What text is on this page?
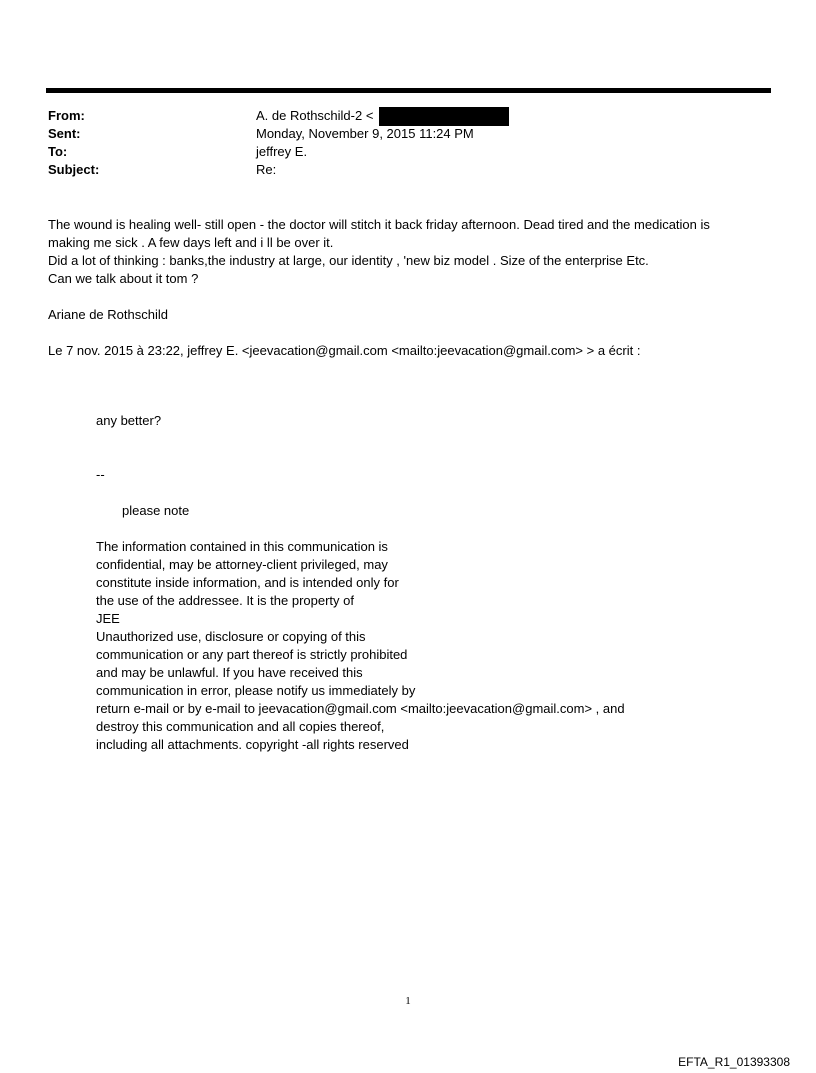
From:	A. de Rothschild-2 <
Sent:	Monday, November 9, 2015 11:24 PM
To:	jeffrey E.
Subject:	Re:
The wound is healing well- still open - the doctor will stitch it back friday afternoon. Dead tired and the medication is
making me sick . A few days left and i ll be over it.
Did a lot of thinking : banks,the industry at large, our identity , 'new biz model . Size of the enterprise Etc.
Can we talk about it tom ?
Ariane de Rothschild
Le 7 nov. 2015 à 23:22, jeffrey E. <jeevacation@gmail.com <mailto:jeevacation@gmail.com> > a écrit :
any better?
--
please note
The information contained in this communication is
confidential, may be attorney-client privileged, may
constitute inside information, and is intended only for
the use of the addressee. It is the property of
JEE
Unauthorized use, disclosure or copying of this
communication or any part thereof is strictly prohibited
and may be unlawful. If you have received this
communication in error, please notify us immediately by
return e-mail or by e-mail to jeevacation@gmail.com <mailto:jeevacation@gmail.com> , and
destroy this communication and all copies thereof,
including all attachments. copyright -all rights reserved
1
EFTA_R1_01393308
